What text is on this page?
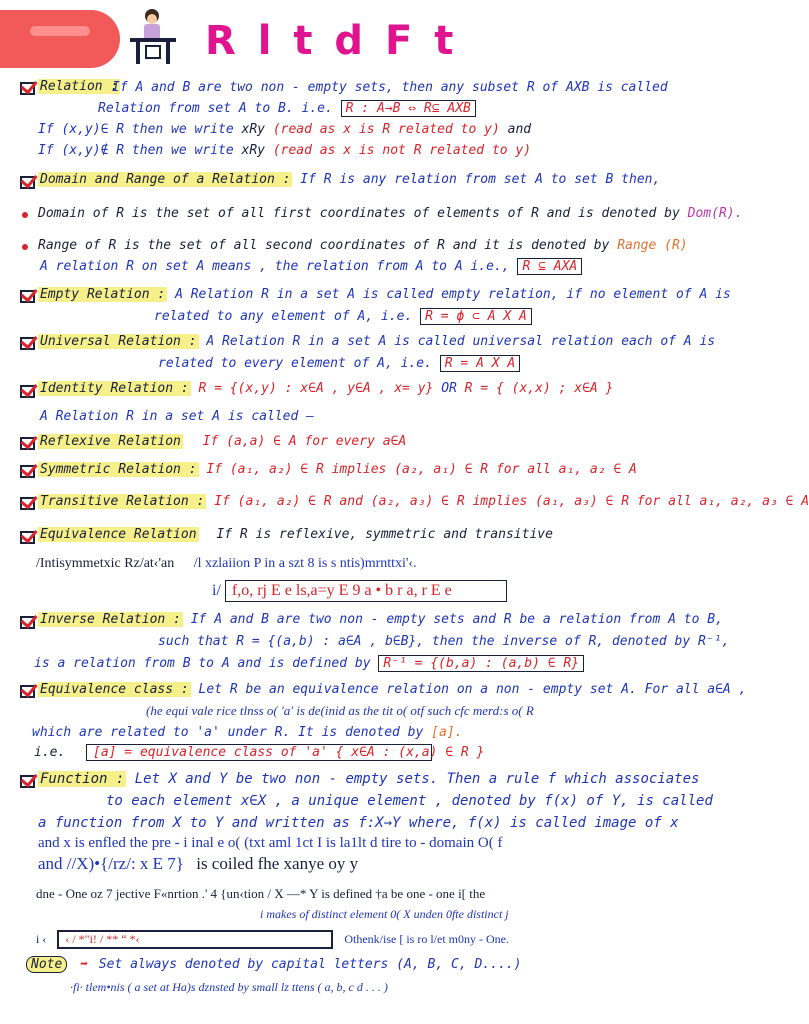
R l t d F t
Relation :
If A and B are two non - empty sets, then any subset R of AXB is called
Relation from set A to B. i.e. R : A→B ⇔ R⊆ AXB
If (x,y)∈ R then we write xRy (read as x is R related to y) and
If (x,y)∉ R then we write xRy (read as x is not R related to y)
Domain and Range of a Relation : If R is any relation from set A to set B then,
Domain of R is the set of all first coordinates of elements of R and is denoted by Dom(R).
Range of R is the set of all second coordinates of R and it is denoted by Range (R)
A relation R on set A means , the relation from A to A i.e., R ⊆ AXA
Empty Relation : A Relation R in a set A is called empty relation, if no element of A is
related to any element of A, i.e. R = ϕ ⊂ A X A
Universal Relation : A Relation R in a set A is called universal relation each of A is
related to every element of A, i.e. R = A X A
Identity Relation : R = {(x,y) : x∈A , y∈A , x= y} OR R = { (x,x) ; x∈A }
A Relation R in a set A is called –
Reflexive Relation If (a,a) ∈ A for every a∈A
Symmetric Relation : If (a₁, a₂) ∈ R implies (a₂, a₁) ∈ R for all a₁, a₂ ∈ A
Transitive Relation : If (a₁, a₂) ∈ R and (a₂, a₃) ∈ R implies (a₁, a₃) ∈ R for all a₁, a₂, a₃ ∈ A
Equivalence Relation If R is reflexive, symmetric and transitive
/Intisymmetxic Rz/at‹'an /l xzlaiion P in a szt 8 is s ntis)mrnttxi'‹.
i/ f,o, rj E e ls,a=y E 9 a • b r a, r E e
Inverse Relation : If A and B are two non - empty sets and R be a relation from A to B,
such that R = {(a,b) : a∈A , b∈B}, then the inverse of R, denoted by R⁻¹,
is a relation from B to A and is defined by R⁻¹ = {(b,a) : (a,b) ∈ R}
Equivalence class : Let R be an equivalence relation on a non - empty set A. For all a∈A ,
(he equi vale rice tlnss o( 'a' is de(inid as the tit o( otf such cfc merd:s o( R
which are related to 'a' under R. It is denoted by [a].
i.e.	[a] = equivalence class of 'a' { x∈A : (x,a) ∈ R }
Function : Let X and Y be two non - empty sets. Then a rule f which associates
to each element x∈X , a unique element , denoted by f(x) of Y, is called
a function from X to Y and written as f:X→Y where, f(x) is called image of x
and x is enfled the pre - i inal e o( (txt aml 1ct I is la1lt d tire to - domain O( f
and //X)•{/rz/: x E 7} is coiled fhe xanye oy y
dne - One oz 7 jective F«nrtion .' 4 {un‹tion / X —* Y is defined †a be one - one i[ the
i makes of distinct element 0( X unden 0fte distinct j
i ‹ ‹ / *"i! / ** “ *‹	Othenk/ise [ is ro l/et m0ny - One.
Note ➡ Set always denoted by capital letters (A, B, C, D....)
·fi· tlem•nis ( a set at Ha)s dznsted by small lz ttens ( a, b, c d . . . )
